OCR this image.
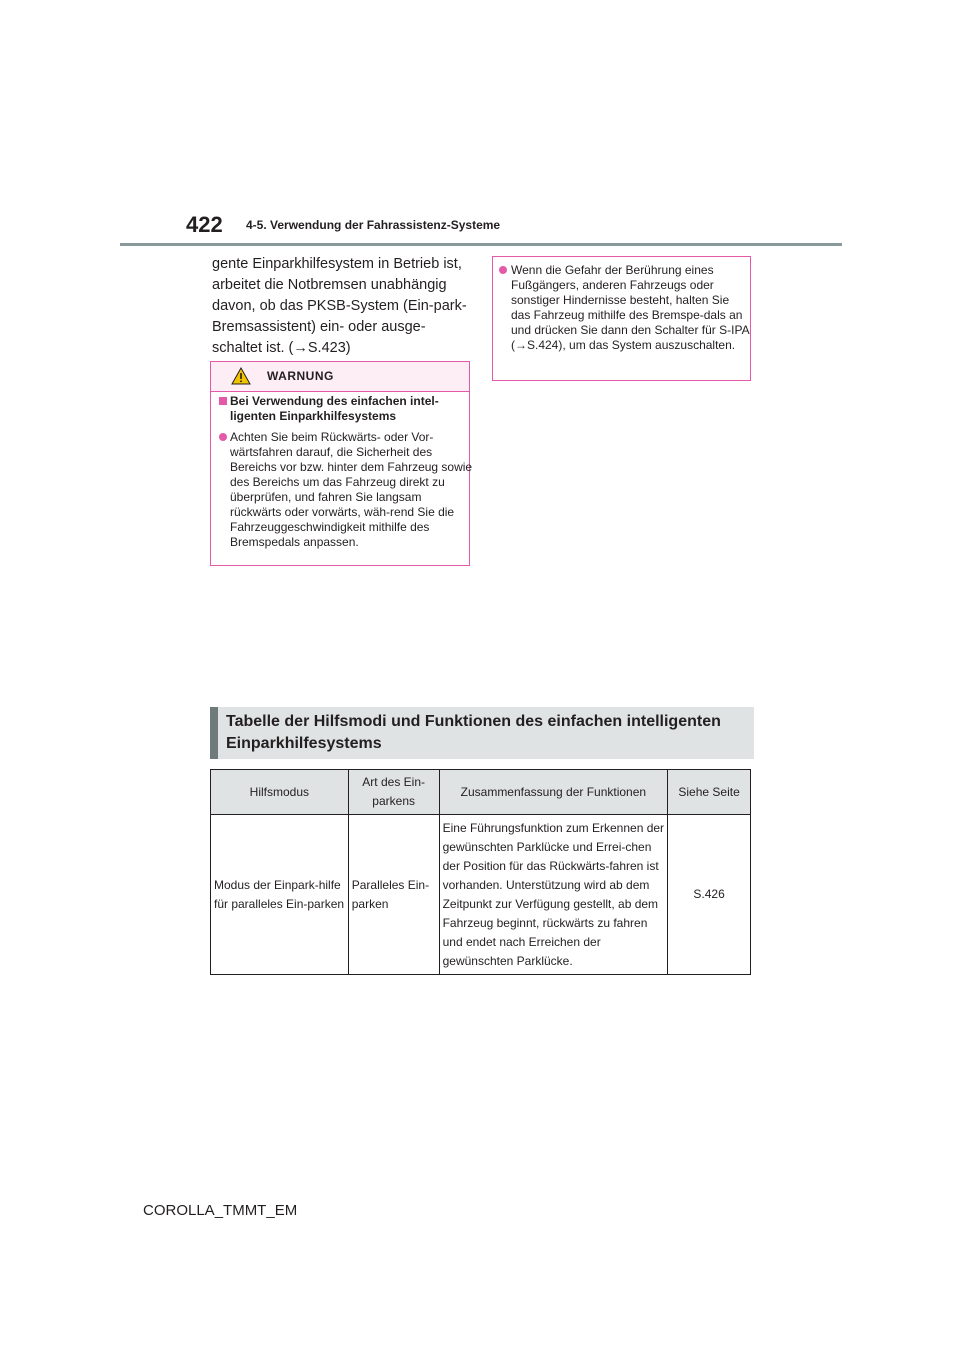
422 4-5. Verwendung der Fahrassistenz-Systeme
gente Einparkhilfesystem in Betrieb ist, arbeitet die Notbremsen unabhängig davon, ob das PKSB-System (Ein-park-Bremsassistent) ein- oder ausge-schaltet ist. (→S.423)
WARNUNG
Bei Verwendung des einfachen intel-ligenten Einparkhilfesystems
Achten Sie beim Rückwärts- oder Vor-wärtsfahren darauf, die Sicherheit des Bereichs vor bzw. hinter dem Fahrzeug sowie des Bereichs um das Fahrzeug direkt zu überprüfen, und fahren Sie langsam rückwärts oder vorwärts, wäh-rend Sie die Fahrzeuggeschwindigkeit mithilfe des Bremspedals anpassen.
Wenn die Gefahr der Berührung eines Fußgängers, anderen Fahrzeugs oder sonstiger Hindernisse besteht, halten Sie das Fahrzeug mithilfe des Bremspe-dals an und drücken Sie dann den Schalter für S-IPA (→S.424), um das System auszuschalten.
Tabelle der Hilfsmodi und Funktionen des einfachen intelligenten Einparkhilfesystems
Hilfsmodus	Art des Ein-parkens	Zusammenfassung der Funktionen	Siehe Seite
Modus der Einpark-hilfe für paralleles Ein-parken	Paralleles Ein-parken	Eine Führungsfunktion zum Erkennen der gewünschten Parklücke und Errei-chen der Position für das Rückwärts-fahren ist vorhanden. Unterstützung wird ab dem Zeitpunkt zur Verfügung gestellt, ab dem Fahrzeug beginnt, rückwärts zu fahren und endet nach Erreichen der gewünschten Parklücke.	S.426
COROLLA_TMMT_EM
